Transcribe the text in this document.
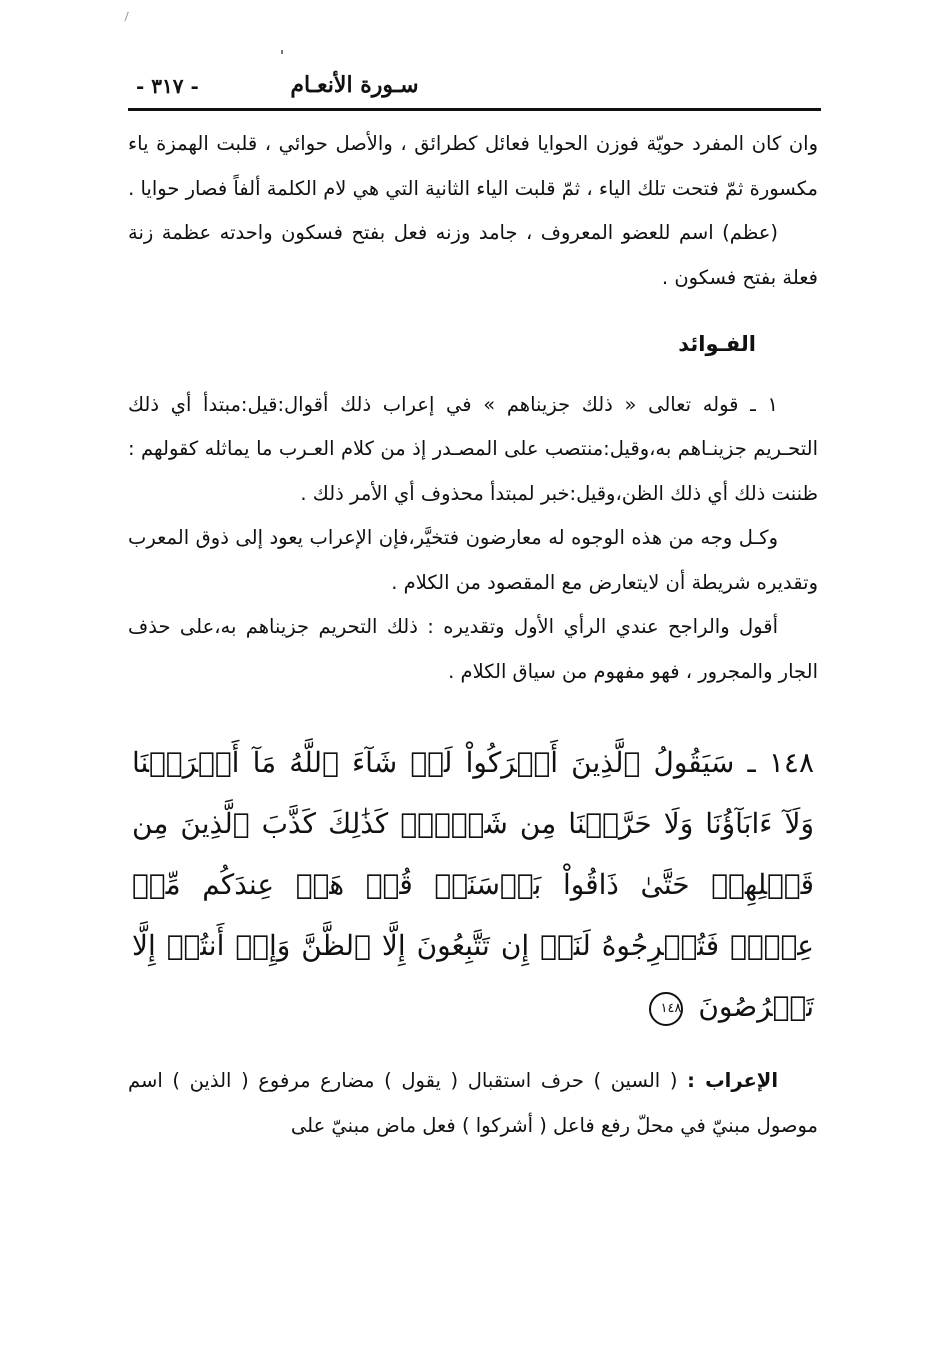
سـورة الأنعـام
- ٣١٧ -

وان كان المفرد حويّة فوزن الحوايا فعائل كطرائق ، والأصل حوائي ، قلبت الهمزة ياء مكسورة ثمّ فتحت تلك الياء ، ثمّ قلبت الياء الثانية التي هي لام الكلمة ألفاً فصار حوايا .

(عظم) اسم للعضو المعروف ، جامد وزنه فعل بفتح فسكون واحدته عظمة زنة فعلة بفتح فسكون .

الفـوائد

١ ـ قوله تعالى « ذلك جزيناهم » في إعراب ذلك أقوال:قيل:مبتدأ أي ذلك التحـريم جزينـاهم به،وقيل:منتصب على المصـدر إذ من كلام العـرب ما يماثله كقولهم : ظننت ذلك أي ذلك الظن،وقيل:خبر لمبتدأ محذوف أي الأمر ذلك .

وكـل وجه من هذه الوجوه له معارضون فتخيَّر،فإن الإعراب يعود إلى ذوق المعرب وتقديره شريطة أن لايتعارض مع المقصود من الكلام .

أقول والراجح عندي الرأي الأول وتقديره : ذلك التحريم جزيناهم به،على حذف الجار والمجرور ، فهو مفهوم من سياق الكلام .

١٤٨ ـ سَيَقُولُ ٱلَّذِينَ أَشۡرَكُواْ لَوۡ شَآءَ ٱللَّهُ مَآ أَشۡرَكۡنَا وَلَآ ءَابَآؤُنَا وَلَا حَرَّمۡنَا مِن شَيۡءٖۚ كَذَٰلِكَ كَذَّبَ ٱلَّذِينَ مِن قَبۡلِهِمۡ حَتَّىٰ ذَاقُواْ بَأۡسَنَاۗ قُلۡ هَلۡ عِندَكُم مِّنۡ عِلۡمٖ فَتُخۡرِجُوهُ لَنَآۖ إِن تَتَّبِعُونَ إِلَّا ٱلظَّنَّ وَإِنۡ أَنتُمۡ إِلَّا تَخۡرُصُونَ ١٤٨

الإعراب : ( السين ) حرف استقبال ( يقول ) مضارع مرفوع ( الذين ) اسم موصول مبنيّ في محلّ رفع فاعل ( أشركوا ) فعل ماض مبنيّ على
